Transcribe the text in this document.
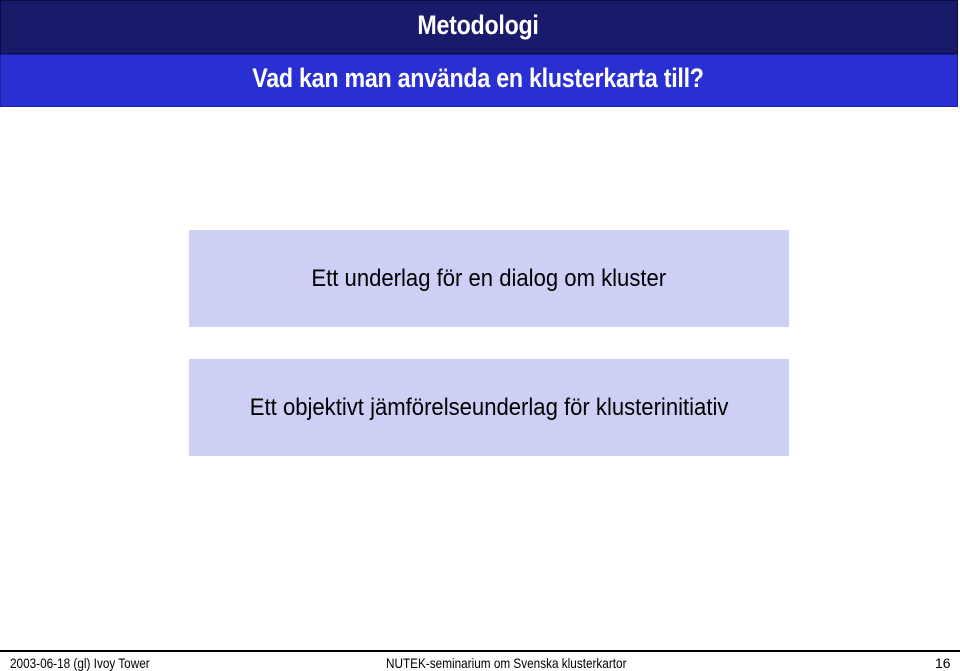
Metodologi
Vad kan man använda en klusterkarta till?
Ett underlag för en dialog om kluster
Ett objektivt jämförelseunderlag för klusterinitiativ
2003-06-18 (gl) Ivoy Tower	NUTEK-seminarium om Svenska klusterkartor	16
